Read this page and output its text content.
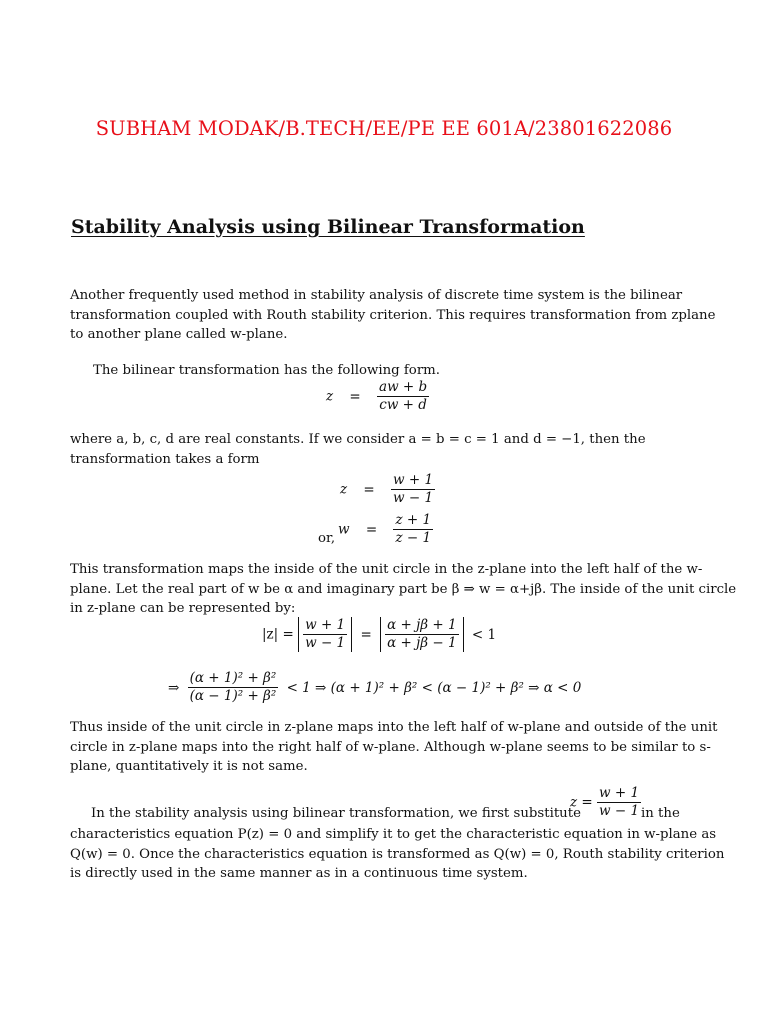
SUBHAM MODAK/B.TECH/EE/PE EE 601A/23801622086
Stability Analysis using Bilinear Transformation
Another frequently used method in stability analysis of discrete time system is the bilinear
transformation coupled with Routh stability criterion. This requires transformation from zplane
to another plane called w-plane.
The bilinear transformation has the following form.
$z = \frac{aw + b}{cw + d}$
where a, b, c, d are real constants. If we consider a = b = c = 1 and d = −1, then the
transformation takes a form
$z = \frac{w + 1}{w - 1}$
or,
$w = \frac{z + 1}{z - 1}$
This transformation maps the inside of the unit circle in the z-plane into the left half of the w-
plane. Let the real part of w be α and imaginary part be β ⇒ w = α+jβ. The inside of the unit circle
in z-plane can be represented by:
$|z| = \frac{w + 1}{w - 1} = \frac{\alpha + j\beta + 1}{\alpha + j\beta - 1} < 1$
⇒ $\frac{\text{(α + 1)² + β²}}{\text{(α − 1)² + β²}} < 1$ ⇒ (α + 1)² + β² < (α − 1)² + β² ⇒ α < 0
Thus inside of the unit circle in z-plane maps into the left half of w-plane and outside of the unit
circle in z-plane maps into the right half of w-plane. Although w-plane seems to be similar to s-
plane, quantitatively it is not same.
$z = \frac{w + 1}{w - 1}$
In the stability analysis using bilinear transformation, we first substitute	in the
characteristics equation P(z) = 0 and simplify it to get the characteristic equation in w-plane as
Q(w) = 0. Once the characteristics equation is transformed as Q(w) = 0, Routh stability criterion
is directly used in the same manner as in a continuous time system.
